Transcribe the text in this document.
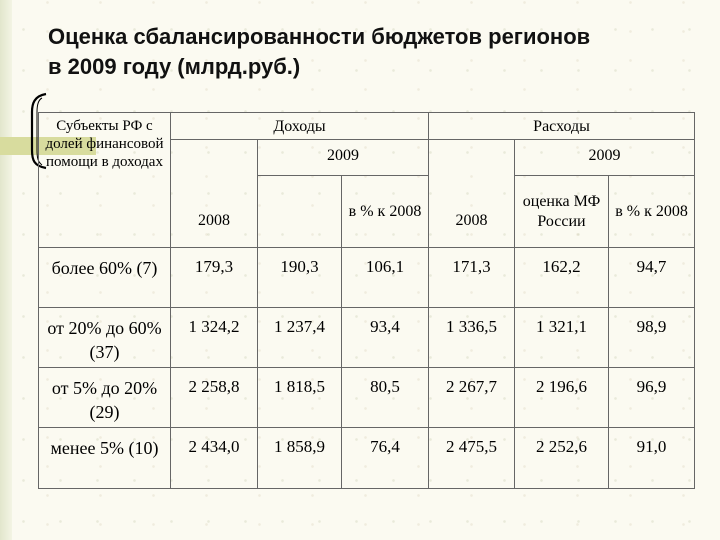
Оценка сбалансированности бюджетов регионов
в 2009 году (млрд.руб.)
Субъекты РФ с долей финансовой помощи в доходах	Доходы			Расходы		
	2008	2009		2008	2009	
			в % к 2008		оценка МФ России	в % к 2008
более 60% (7)	179,3	190,3	106,1	171,3	162,2	94,7
от 20% до 60% (37)	1 324,2	1 237,4	93,4	1 336,5	1 321,1	98,9
от 5% до 20% (29)	2 258,8	1 818,5	80,5	2 267,7	2 196,6	96,9
менее 5% (10)	2 434,0	1 858,9	76,4	2 475,5	2 252,6	91,0
